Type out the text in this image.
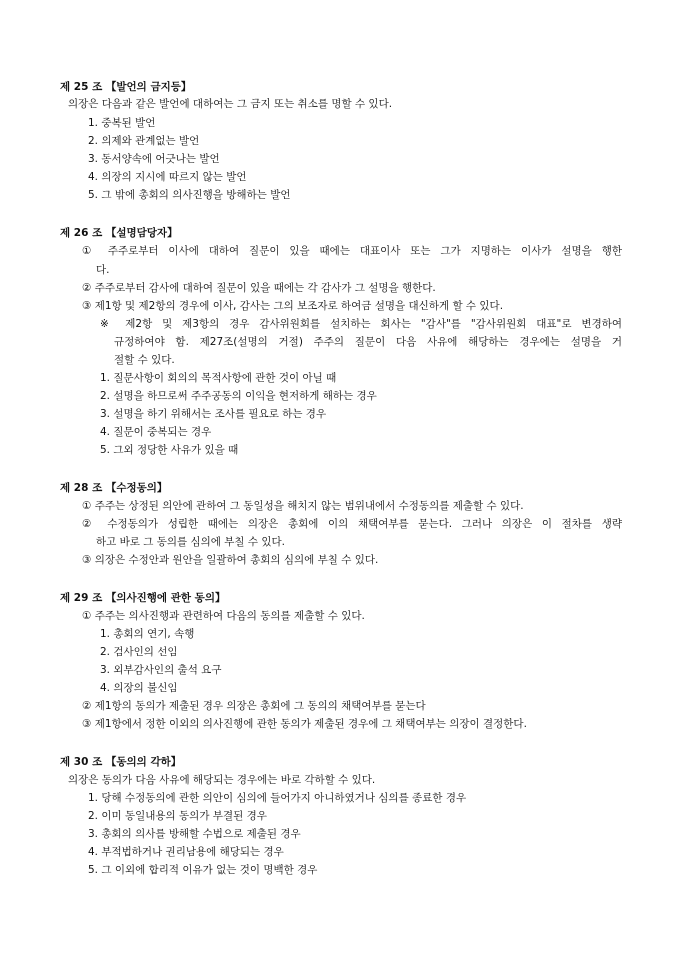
제 25 조 【발언의 금지등】
의장은 다음과 같은 발언에 대하여는 그 금지 또는 취소를 명할 수 있다.
1. 중복된 발언
2. 의제와 관계없는 발언
3. 동서양속에 어긋나는 발언
4. 의장의 지시에 따르지 않는 발언
5. 그 밖에 총회의 의사진행을 방해하는 발언
제 26 조 【설명담당자】
① 주주로부터 이사에 대하여 질문이 있을 때에는 대표이사 또는 그가 지명하는 이사가 설명을 행한
다.
② 주주로부터 감사에 대하여 질문이 있을 때에는 각 감사가 그 설명을 행한다.
③ 제1항 및 제2항의 경우에 이사, 감사는 그의 보조자로 하여금 설명을 대신하게 할 수 있다.
※ 제2항 및 제3항의 경우 감사위원회를 설치하는 회사는 "감사"를 "감사위원회 대표"로 변경하여
규정하여야 함. 제27조(설명의 거절) 주주의 질문이 다음 사유에 해당하는 경우에는 설명을 거
절할 수 있다.
1. 질문사항이 회의의 목적사항에 관한 것이 아닐 때
2. 설명을 하므로써 주주공동의 이익을 현저하게 해하는 경우
3. 설명을 하기 위해서는 조사를 필요로 하는 경우
4. 질문이 중복되는 경우
5. 그외 정당한 사유가 있을 때
제 28 조 【수정동의】
① 주주는 상정된 의안에 관하여 그 동일성을 해치지 않는 범위내에서 수정동의를 제출할 수 있다.
② 수정동의가 성립한 때에는 의장은 총회에 이의 채택여부를 묻는다. 그러나 의장은 이 절차를 생략
하고 바로 그 동의를 심의에 부칠 수 있다.
③ 의장은 수정안과 원안을 일괄하여 총회의 심의에 부칠 수 있다.
제 29 조 【의사진행에 관한 동의】
① 주주는 의사진행과 관련하여 다음의 동의를 제출할 수 있다.
1. 총회의 연기, 속행
2. 검사인의 선임
3. 외부감사인의 출석 요구
4. 의장의 불신임
② 제1항의 동의가 제출된 경우 의장은 총회에 그 동의의 채택여부를 묻는다
③ 제1항에서 정한 이외의 의사진행에 관한 동의가 제출된 경우에 그 채택여부는 의장이 결정한다.
제 30 조 【동의의 각하】
의장은 동의가 다음 사유에 해당되는 경우에는 바로 각하할 수 있다.
1. 당해 수정동의에 관한 의안이 심의에 들어가지 아니하였거나 심의를 종료한 경우
2. 이미 동일내용의 동의가 부결된 경우
3. 총회의 의사를 방해할 수법으로 제출된 경우
4. 부적법하거나 권리남용에 해당되는 경우
5. 그 이외에 합리적 이유가 없는 것이 명백한 경우
